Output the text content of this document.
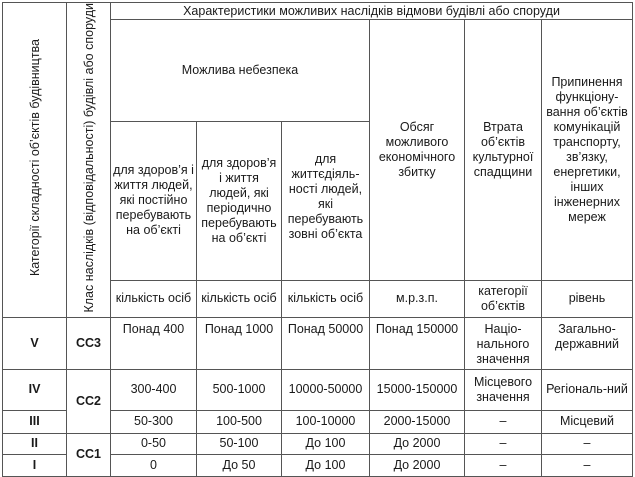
Категорії складності об’єктів будівництва	Клас наслідків (відповідальності) будівлі або споруди	Характеристики можливих наслідків відмови будівлі або споруди					
		Можлива небезпека			Обсяг можливого економічного збитку	Втрата об’єктів культурної спадщини	Припинення функціону-вання об’єктів комунікацій транспорту, зв’язку, енергетики, інших інженерних мереж
		для здоров’я і життя людей, які постійно перебувають на об’єкті	для здоров’я і життя людей, які періодично перебувають на об’єкті	для життєдіяль-ності людей, які перебувають зовні об’єкта			
		кількість осіб	кількість осіб	кількість осіб	м.р.з.п.	категорії об’єктів	рівень
V	СС3	Понад 400	Понад 1000	Понад 50000	Понад 150000	Націо-нального значення	Загально-державний
IV	СС2	300-400	500-1000	10000-50000	15000-150000	Місцевого значення	Регіональ-ний
III		50-300	100-500	100-10000	2000-15000	–	Місцевий
II	СС1	0-50	50-100	До 100	До 2000	–	–
I		0	До 50	До 100	До 2000	–	–
